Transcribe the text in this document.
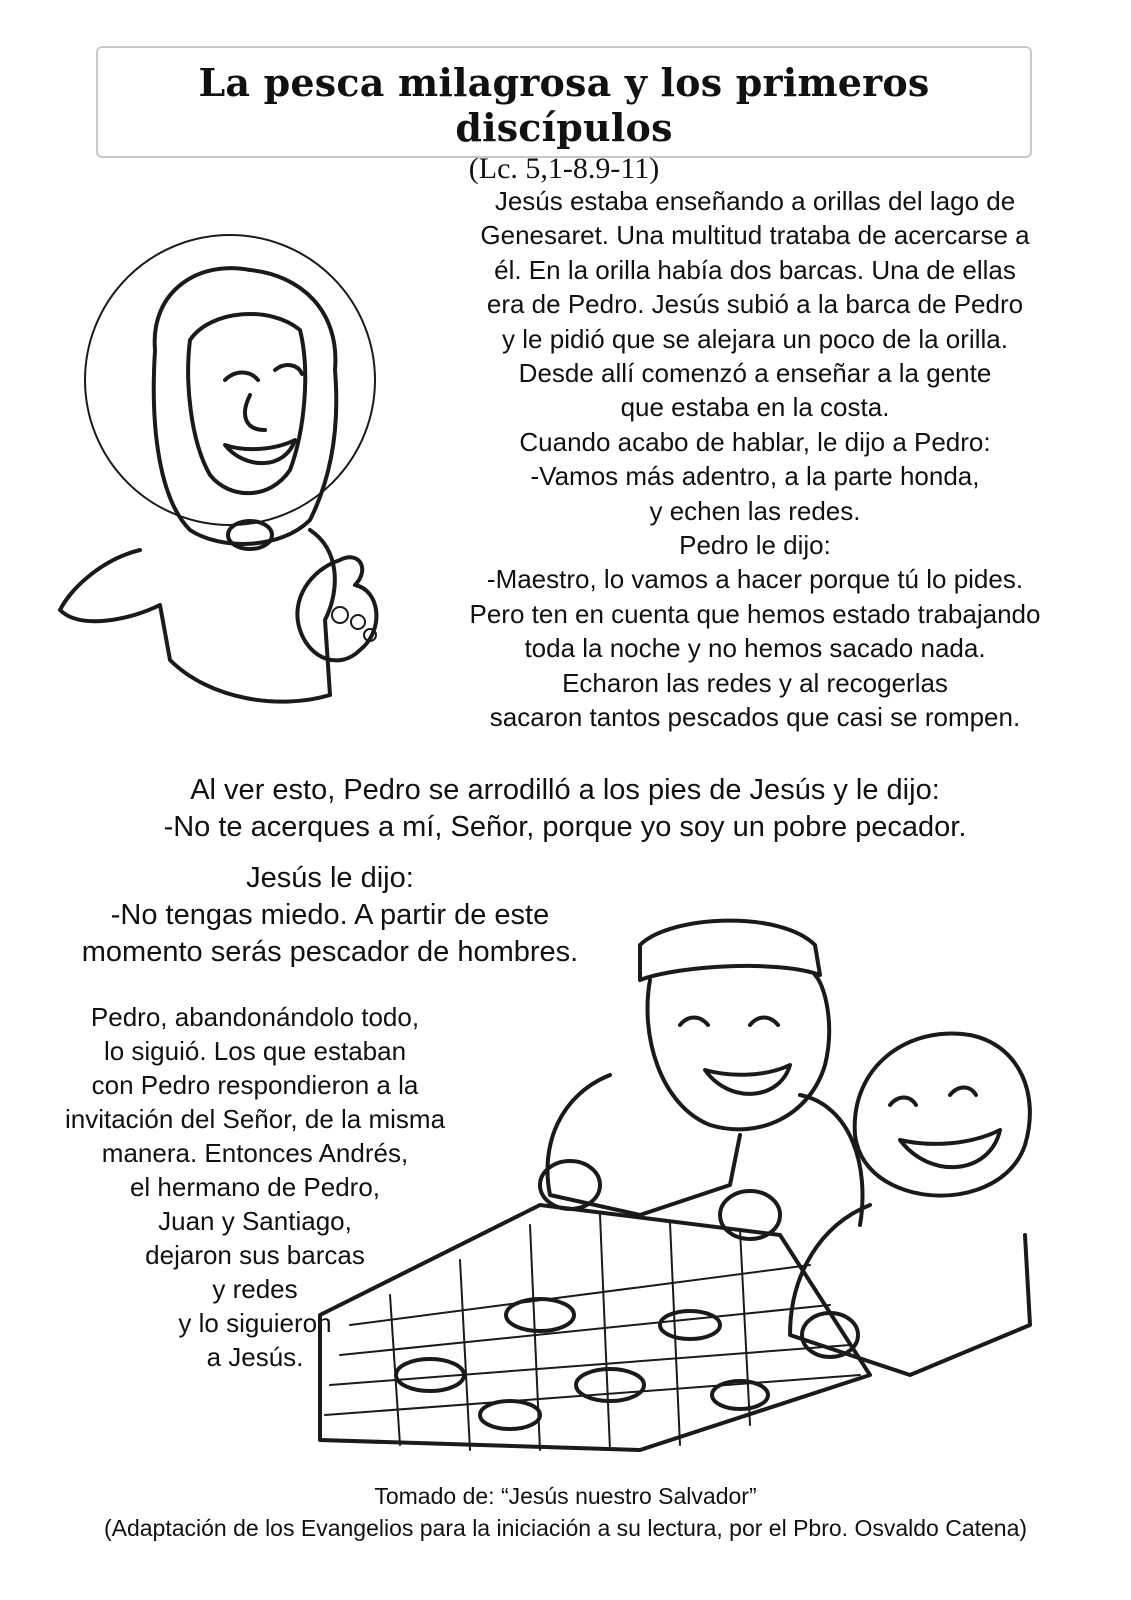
La pesca milagrosa y los primeros discípulos
(Lc. 5,1-8.9-11)
Jesús estaba enseñando a orillas del lago de
Genesaret. Una multitud trataba de acercarse a
él. En la orilla había dos barcas. Una de ellas
era de Pedro. Jesús subió a la barca de Pedro
y le pidió que se alejara un poco de la orilla.
Desde allí comenzó a enseñar a la gente
que estaba en la costa.
Cuando acabo de hablar, le dijo a Pedro:
-Vamos más adentro, a la parte honda,
y echen las redes.
Pedro le dijo:
-Maestro, lo vamos a hacer porque tú lo pides.
Pero ten en cuenta que hemos estado trabajando
toda la noche y no hemos sacado nada.
Echaron las redes y al recogerlas
sacaron tantos pescados que casi se rompen.
Al ver esto, Pedro se arrodilló a los pies de Jesús y le dijo:
-No te acerques a mí, Señor, porque yo soy un pobre pecador.
Jesús le dijo:
-No tengas miedo. A partir de este
momento serás pescador de hombres.
Pedro, abandonándolo todo,
lo siguió. Los que estaban
con Pedro respondieron a la
invitación del Señor, de la misma
manera. Entonces Andrés,
el hermano de Pedro,
Juan y Santiago,
dejaron sus barcas
y redes
y lo siguieron
a Jesús.
Tomado de: “Jesús nuestro Salvador”
(Adaptación de los Evangelios para la iniciación a su lectura, por el Pbro. Osvaldo Catena)
